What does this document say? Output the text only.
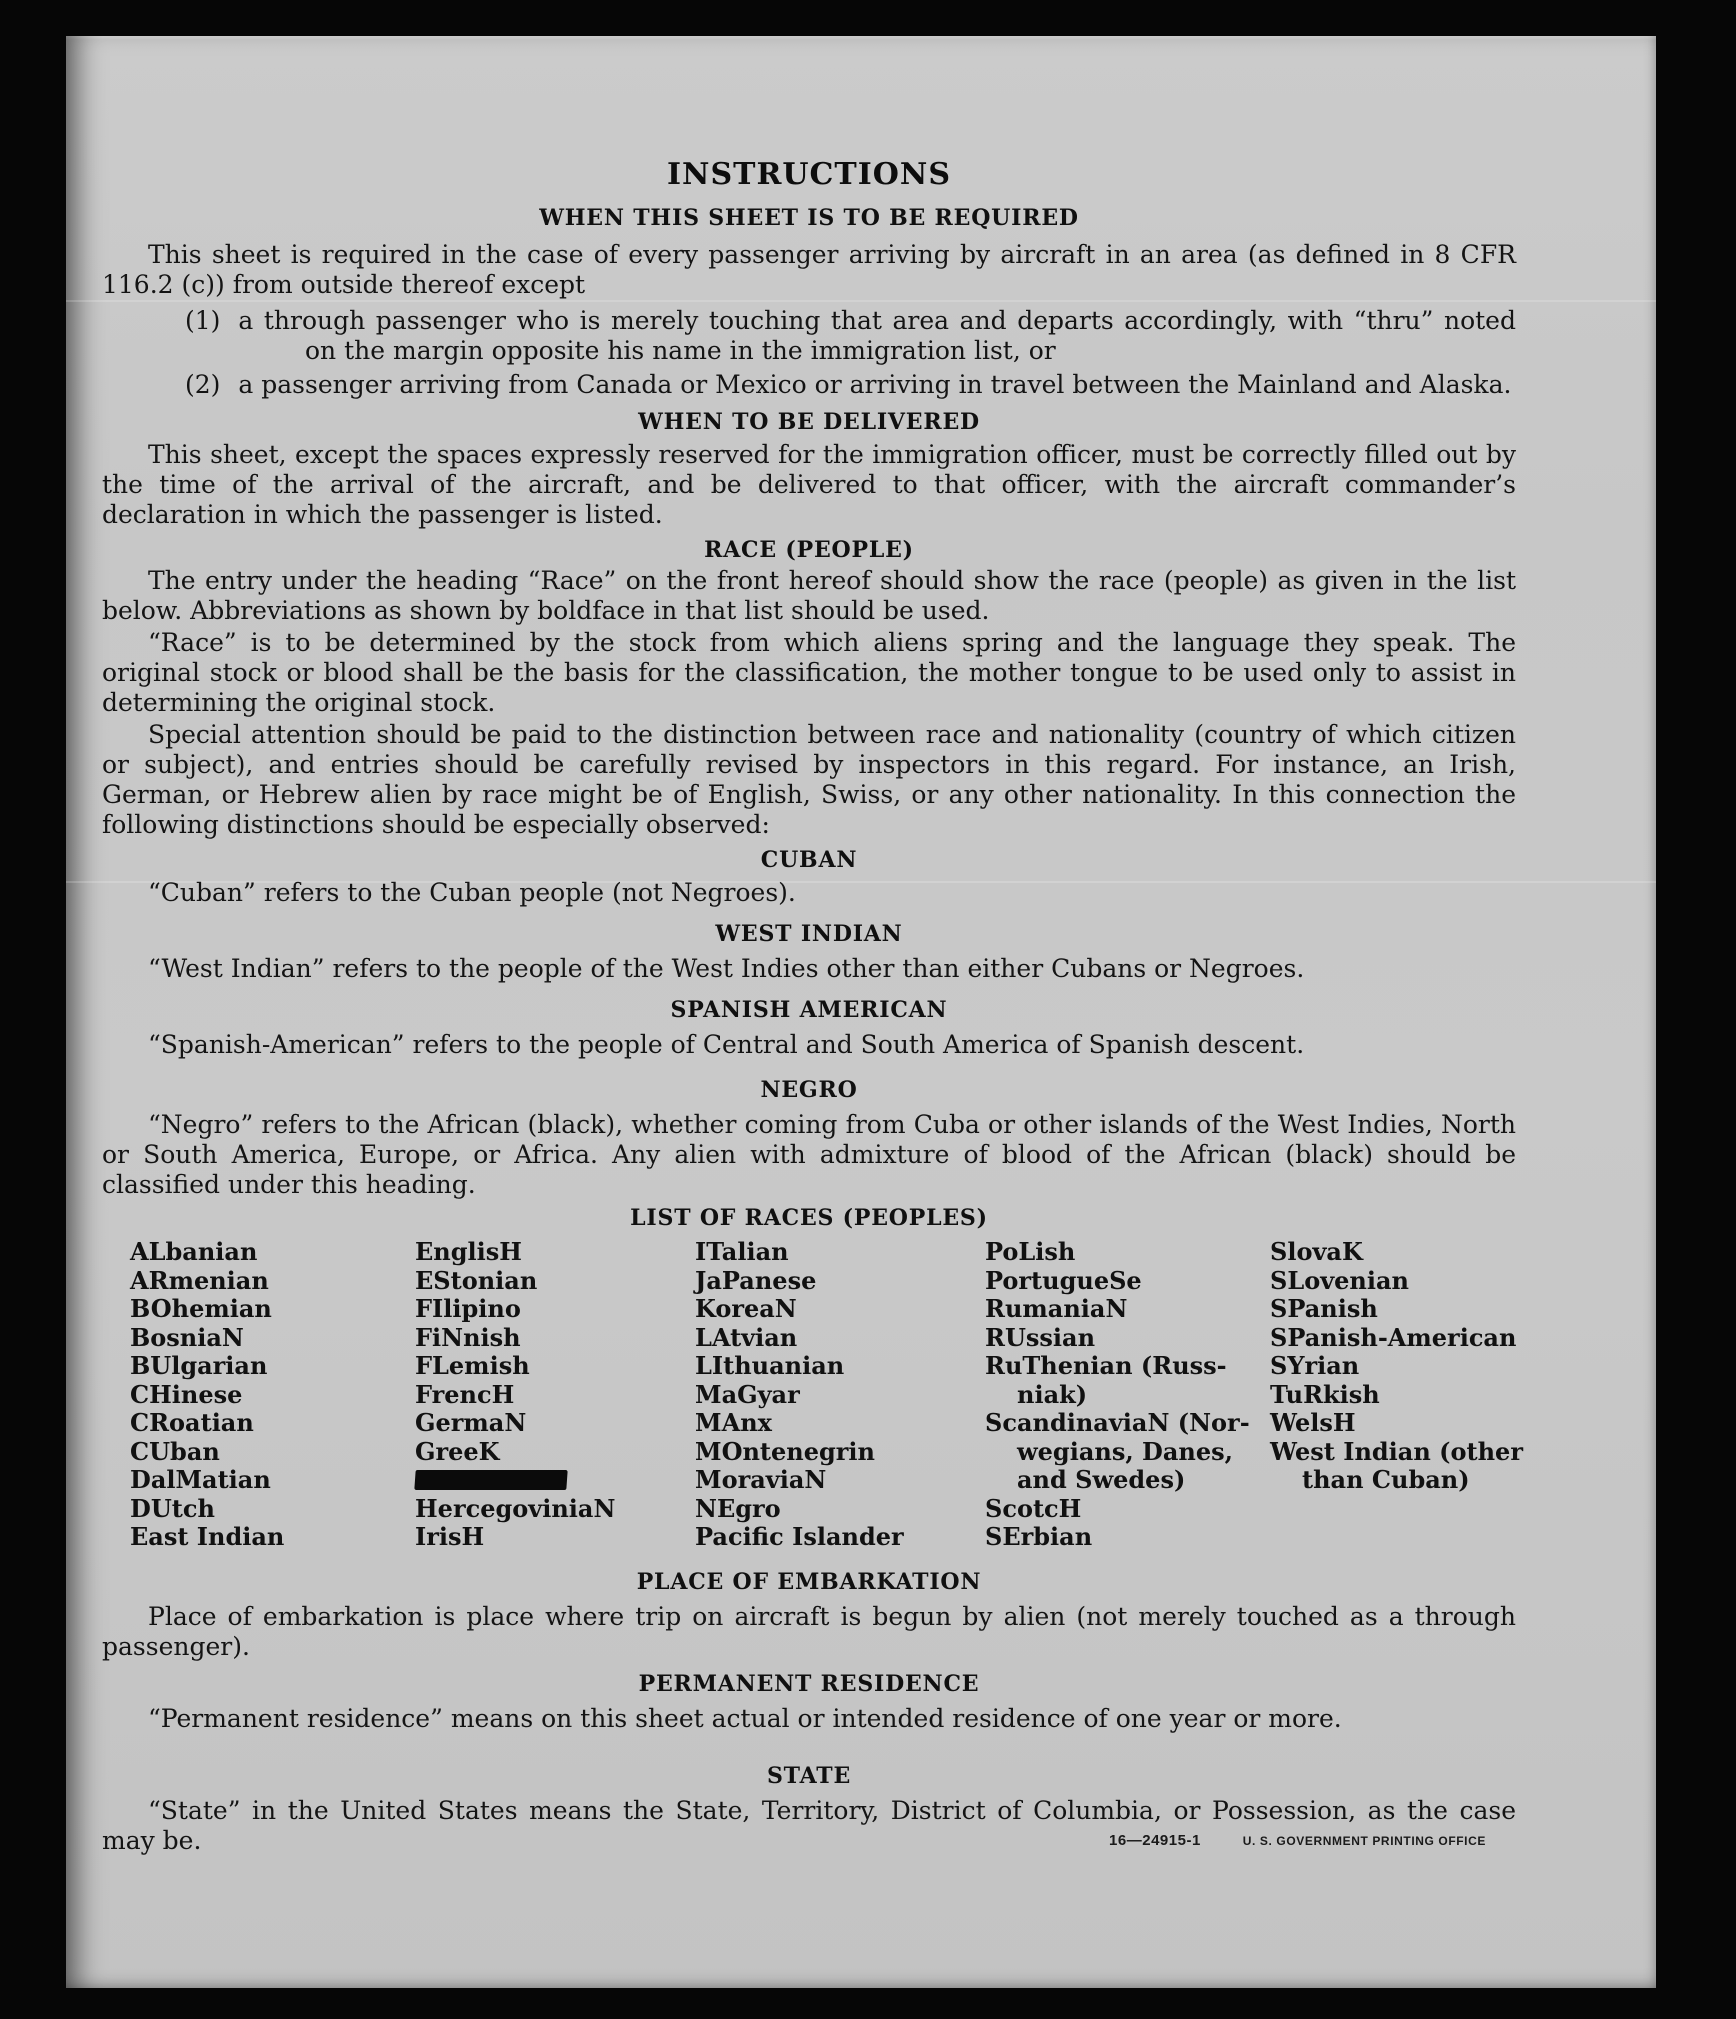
INSTRUCTIONS
WHEN THIS SHEET IS TO BE REQUIRED

This sheet is required in the case of every passenger arriving by aircraft in an area (as defined in 8 CFR 116.2 (c)) from outside thereof except

(1) a through passenger who is merely touching that area and departs accordingly, with “thru” noted on the margin opposite his name in the immigration list, or
(2) a passenger arriving from Canada or Mexico or arriving in travel between the Mainland and Alaska.
WHEN TO BE DELIVERED

This sheet, except the spaces expressly reserved for the immigration officer, must be correctly filled out by the time of the arrival of the aircraft, and be delivered to that officer, with the aircraft commander’s declaration in which the passenger is listed.

RACE (PEOPLE)

The entry under the heading “Race” on the front hereof should show the race (people) as given in the list below. Abbreviations as shown by boldface in that list should be used.

“Race” is to be determined by the stock from which aliens spring and the language they speak. The original stock or blood shall be the basis for the classification, the mother tongue to be used only to assist in determining the original stock.

Special attention should be paid to the distinction between race and nationality (country of which citizen or subject), and entries should be carefully revised by inspectors in this regard. For instance, an Irish, German, or Hebrew alien by race might be of English, Swiss, or any other nationality. In this connection the following distinctions should be especially observed:

CUBAN

“Cuban” refers to the Cuban people (not Negroes).

WEST INDIAN

“West Indian” refers to the people of the West Indies other than either Cubans or Negroes.

SPANISH AMERICAN

“Spanish-American” refers to the people of Central and South America of Spanish descent.

NEGRO

“Negro” refers to the African (black), whether coming from Cuba or other islands of the West Indies, North or South America, Europe, or Africa. Any alien with admixture of blood of the African (black) should be classified under this heading.

LIST OF RACES (PEOPLES)
ALbanian
ARmenian
BOhemian
BosniaN
BUlgarian
CHinese
CRoatian
CUban
DalMatian
DUtch
East Indian
EnglisH
EStonian
FIlipino
FiNnish
FLemish
FrencH
GermaN
GreeK
HercegoviniaN
IrisH
ITalian
JaPanese
KoreaN
LAtvian
LIthuanian
MaGyar
MAnx
MOntenegrin
MoraviaN
NEgro
Pacific Islander
PoLish
PortugueSe
RumaniaN
RUssian
RuThenian (Russ-
niak)
ScandinaviaN (Nor-
wegians, Danes,
and Swedes)
ScotcH
SErbian
SlovaK
SLovenian
SPanish
SPanish-American
SYrian
TuRkish
WelsH
West Indian (other
than Cuban)
PLACE OF EMBARKATION

Place of embarkation is place where trip on aircraft is begun by alien (not merely touched as a through passenger).

PERMANENT RESIDENCE

“Permanent residence” means on this sheet actual or intended residence of one year or more.

STATE

“State” in the United States means the State, Territory, District of Columbia, or Possession, as the case may be.	16—24915-1	U. S. GOVERNMENT PRINTING OFFICE
